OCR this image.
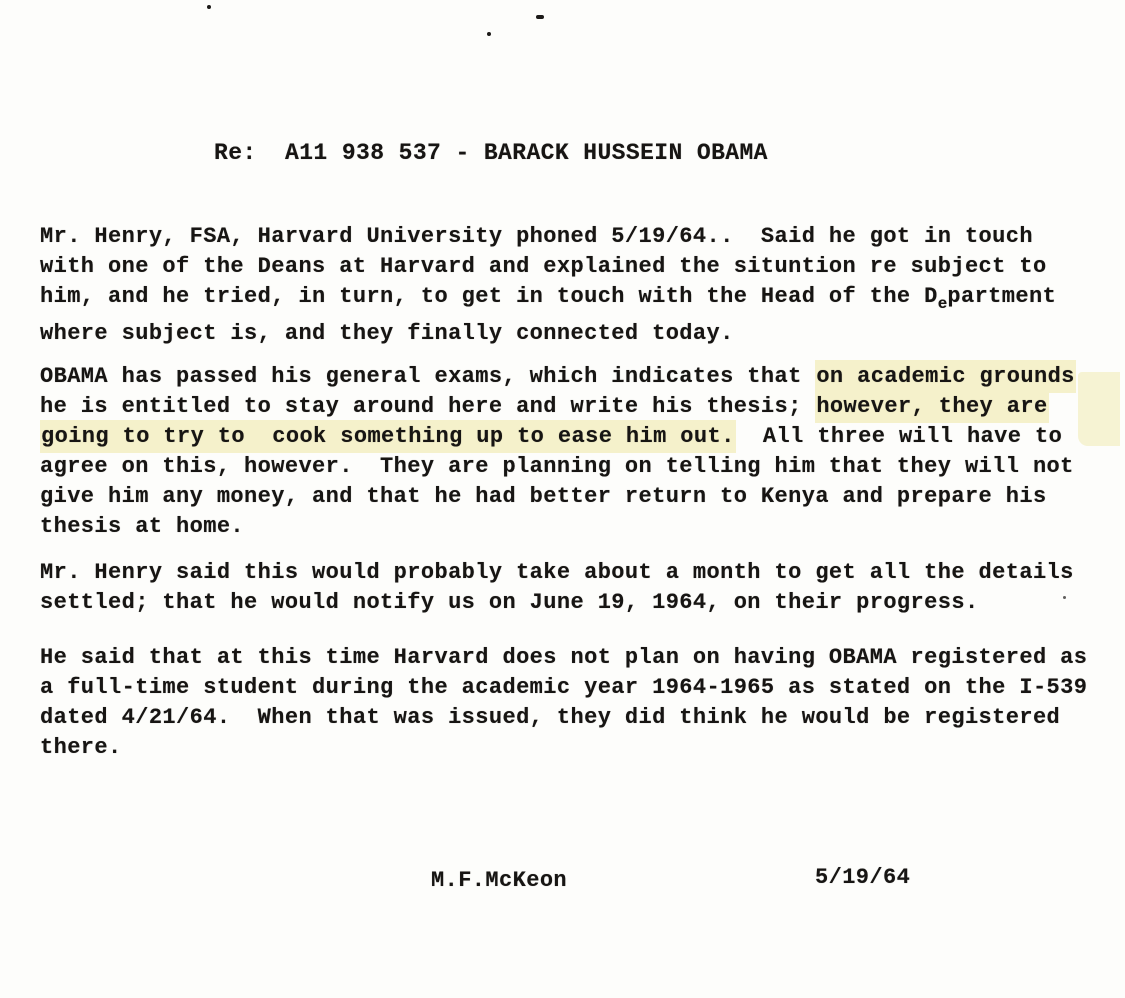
Re:  A11 938 537 - BARACK HUSSEIN OBAMA
Mr. Henry, FSA, Harvard University phoned 5/19/64..  Said he got in touch
with one of the Deans at Harvard and explained the situntion re subject to
him, and he tried, in turn, to get in touch with the Head of the $D_epartment$
where subject is, and they finally connected today.
OBAMA has passed his general exams, which indicates that on academic grounds
he is entitled to stay around here and write his thesis; however, they are
going to try to  cook something up to ease him out.  All three will have to
agree on this, however.  They are planning on telling him that they will not
give him any money, and that he had better return to Kenya and prepare his
thesis at home.
Mr. Henry said this would probably take about a month to get all the details
settled; that he would notify us on June 19, 1964, on their progress.
He said that at this time Harvard does not plan on having OBAMA registered as
a full-time student during the academic year 1964-1965 as stated on the I-539
dated 4/21/64.  When that was issued, they did think he would be registered
there.
M.F.McKeon	5/19/64
